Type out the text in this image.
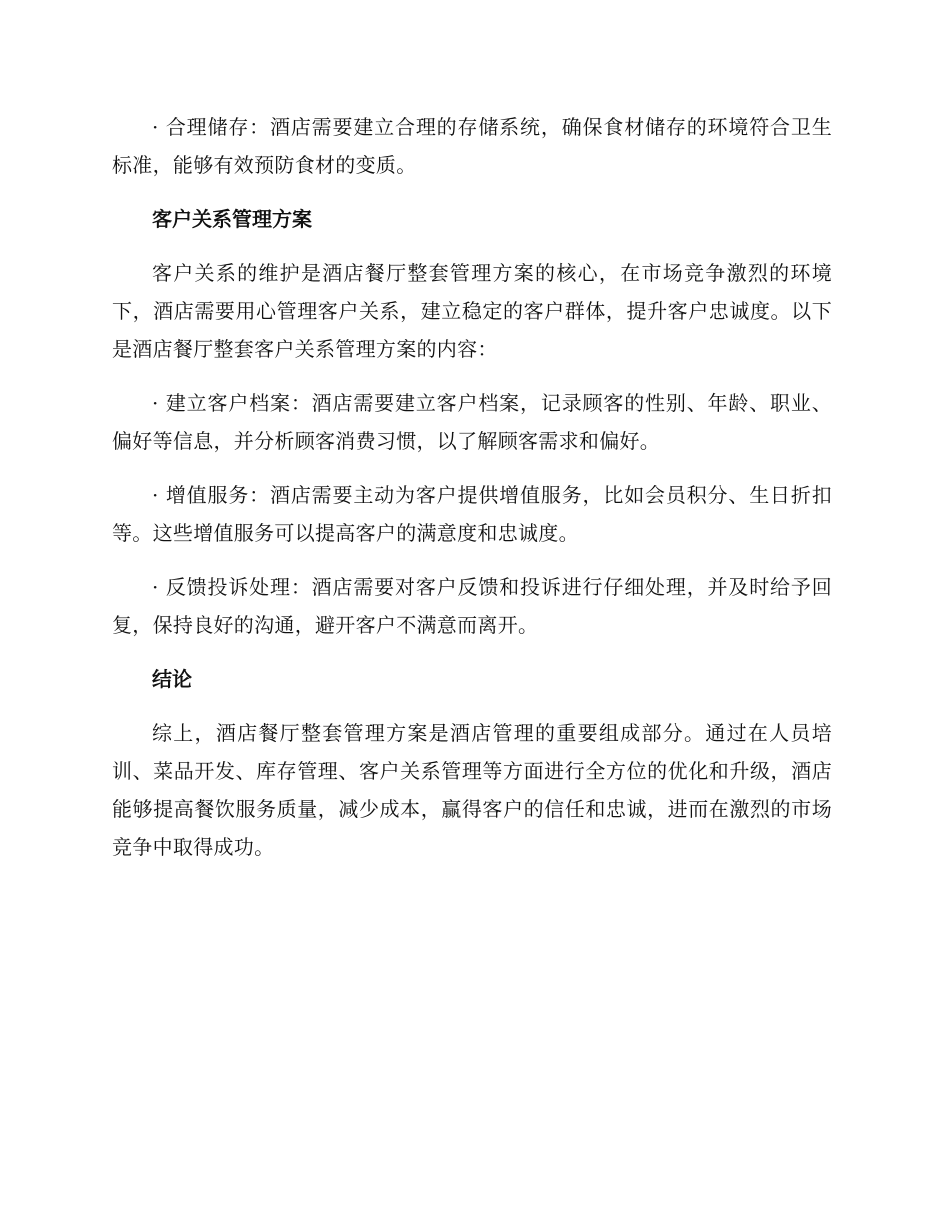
· 合理储存：酒店需要建立合理的存储系统，确保食材储存的环境符合卫生标准，能够有效预防食材的变质。

客户关系管理方案

客户关系的维护是酒店餐厅整套管理方案的核心，在市场竞争激烈的环境下，酒店需要用心管理客户关系，建立稳定的客户群体，提升客户忠诚度。以下是酒店餐厅整套客户关系管理方案的内容：

· 建立客户档案：酒店需要建立客户档案，记录顾客的性别、年龄、职业、偏好等信息，并分析顾客消费习惯，以了解顾客需求和偏好。

· 增值服务：酒店需要主动为客户提供增值服务，比如会员积分、生日折扣等。这些增值服务可以提高客户的满意度和忠诚度。

· 反馈投诉处理：酒店需要对客户反馈和投诉进行仔细处理，并及时给予回复，保持良好的沟通，避开客户不满意而离开。

结论

综上，酒店餐厅整套管理方案是酒店管理的重要组成部分。通过在人员培训、菜品开发、库存管理、客户关系管理等方面进行全方位的优化和升级，酒店能够提高餐饮服务质量，减少成本，赢得客户的信任和忠诚，进而在激烈的市场竞争中取得成功。
